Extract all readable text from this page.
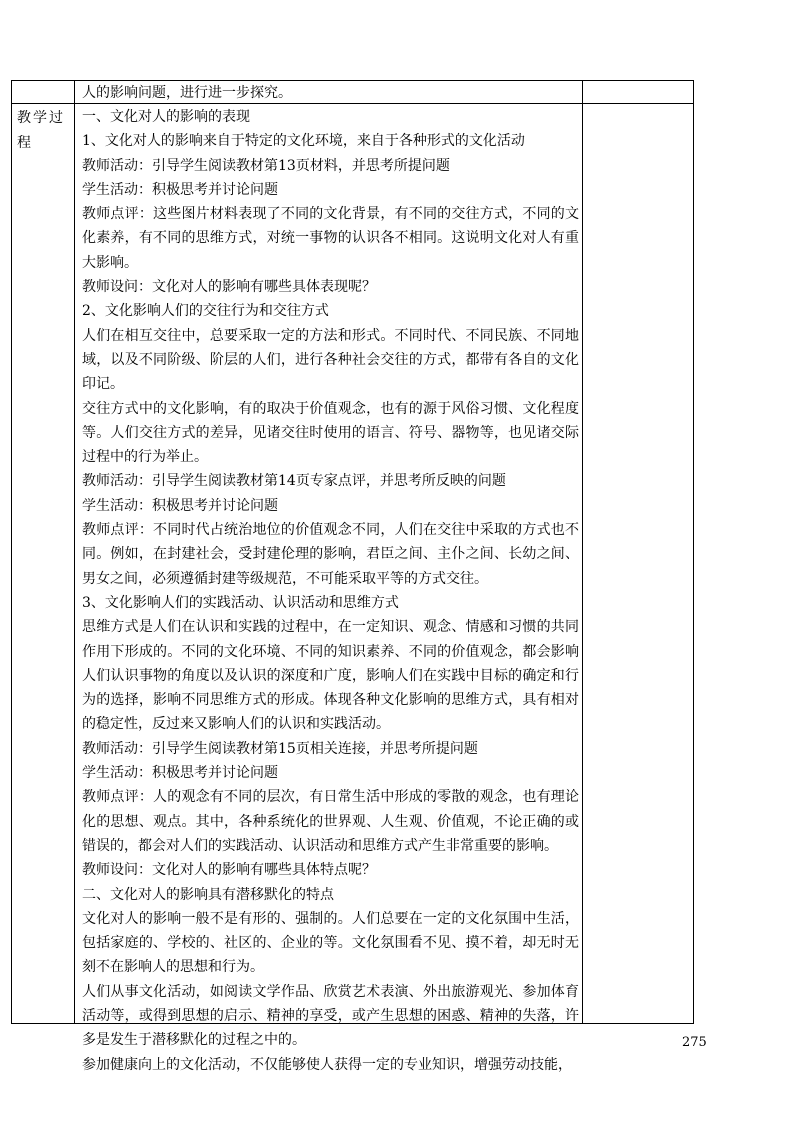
人的影响问题，进行进一步探究。
教学过程

一、文化对人的影响的表现

1、文化对人的影响来自于特定的文化环境，来自于各种形式的文化活动

教师活动：引导学生阅读教材第13页材料，并思考所提问题

学生活动：积极思考并讨论问题

教师点评：这些图片材料表现了不同的文化背景，有不同的交往方式，不同的文化素养，有不同的思维方式，对统一事物的认识各不相同。这说明文化对人有重大影响。

教师设问：文化对人的影响有哪些具体表现呢？

2、文化影响人们的交往行为和交往方式

人们在相互交往中，总要采取一定的方法和形式。不同时代、不同民族、不同地域，以及不同阶级、阶层的人们，进行各种社会交往的方式，都带有各自的文化印记。

交往方式中的文化影响，有的取决于价值观念，也有的源于风俗习惯、文化程度等。人们交往方式的差异，见诸交往时使用的语言、符号、器物等，也见诸交际过程中的行为举止。

教师活动：引导学生阅读教材第14页专家点评，并思考所反映的问题

学生活动：积极思考并讨论问题

教师点评：不同时代占统治地位的价值观念不同，人们在交往中采取的方式也不同。例如，在封建社会，受封建伦理的影响，君臣之间、主仆之间、长幼之间、男女之间，必须遵循封建等级规范，不可能采取平等的方式交往。

3、文化影响人们的实践活动、认识活动和思维方式

思维方式是人们在认识和实践的过程中，在一定知识、观念、情感和习惯的共同作用下形成的。不同的文化环境、不同的知识素养、不同的价值观念，都会影响人们认识事物的角度以及认识的深度和广度，影响人们在实践中目标的确定和行为的选择，影响不同思维方式的形成。体现各种文化影响的思维方式，具有相对的稳定性，反过来又影响人们的认识和实践活动。

教师活动：引导学生阅读教材第15页相关连接，并思考所提问题

学生活动：积极思考并讨论问题

教师点评：人的观念有不同的层次，有日常生活中形成的零散的观念，也有理论化的思想、观点。其中，各种系统化的世界观、人生观、价值观，不论正确的或错误的，都会对人们的实践活动、认识活动和思维方式产生非常重要的影响。

教师设问：文化对人的影响有哪些具体特点呢？

二、文化对人的影响具有潜移默化的特点

文化对人的影响一般不是有形的、强制的。人们总要在一定的文化氛围中生活，包括家庭的、学校的、社区的、企业的等。文化氛围看不见、摸不着，却无时无刻不在影响人的思想和行为。

人们从事文化活动，如阅读文学作品、欣赏艺术表演、外出旅游观光、参加体育活动等，或得到思想的启示、精神的享受，或产生思想的困惑、精神的失落，许多是发生于潜移默化的过程之中的。

参加健康向上的文化活动，不仅能够使人获得一定的专业知识，增强劳动技能，

275
